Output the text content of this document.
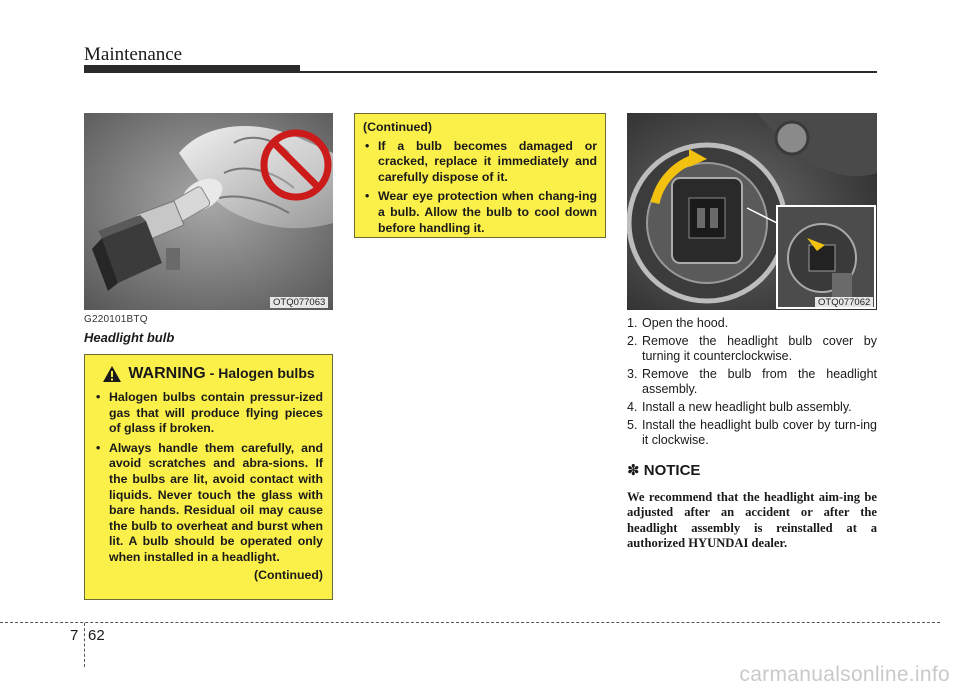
Maintenance
OTQ077063
G220101BTQ
Headlight bulb
WARNING - Halogen bulbs
• Halogen bulbs contain pressur-ized gas that will produce flying pieces of glass if broken.
• Always handle them carefully, and avoid scratches and abra-sions. If the bulbs are lit, avoid contact with liquids. Never touch the glass with bare hands. Residual oil may cause the bulb to overheat and burst when lit. A bulb should be operated only when installed in a headlight.
(Continued)
(Continued)
• If a bulb becomes damaged or cracked, replace it immediately and carefully dispose of it.
• Wear eye protection when chang-ing a bulb. Allow the bulb to cool down before handling it.
OTQ077062
1. Open the hood.
2. Remove the headlight bulb cover by turning it counterclockwise.
3. Remove the bulb from the headlight assembly.
4. Install a new headlight bulb assembly.
5. Install the headlight bulb cover by turn-ing it clockwise.
✽ NOTICE
We recommend that the headlight aim-ing be adjusted after an accident or after the headlight assembly is reinstalled at a authorized HYUNDAI dealer.
7 62
carmanualsonline.info
